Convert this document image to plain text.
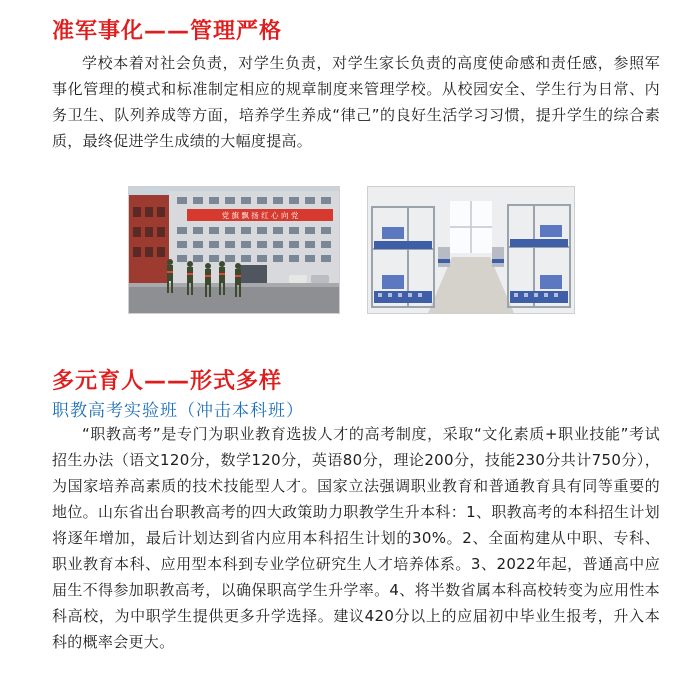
准军事化——管理严格
学校本着对社会负责，对学生负责，对学生家长负责的高度使命感和责任感，参照军事化管理的模式和标准制定相应的规章制度来管理学校。从校园安全、学生行为日常、内务卫生、队列养成等方面，培养学生养成“律己”的良好生活学习习惯，提升学生的综合素质，最终促进学生成绩的大幅度提高。
党 旗 飘 扬 红 心 向 党
多元育人——形式多样
职教高考实验班（冲击本科班）
“职教高考”是专门为职业教育选拔人才的高考制度，采取“文化素质+职业技能”考试招生办法（语文120分，数学120分，英语80分，理论200分，技能230分共计750分），为国家培养高素质的技术技能型人才。国家立法强调职业教育和普通教育具有同等重要的地位。山东省出台职教高考的四大政策助力职教学生升本科：1、职教高考的本科招生计划将逐年增加，最后计划达到省内应用本科招生计划的30%。2、全面构建从中职、专科、职业教育本科、应用型本科到专业学位研究生人才培养体系。3、2022年起，普通高中应届生不得参加职教高考，以确保职高学生升学率。4、将半数省属本科高校转变为应用性本科高校，为中职学生提供更多升学选择。建议420分以上的应届初中毕业生报考，升入本科的概率会更大。
